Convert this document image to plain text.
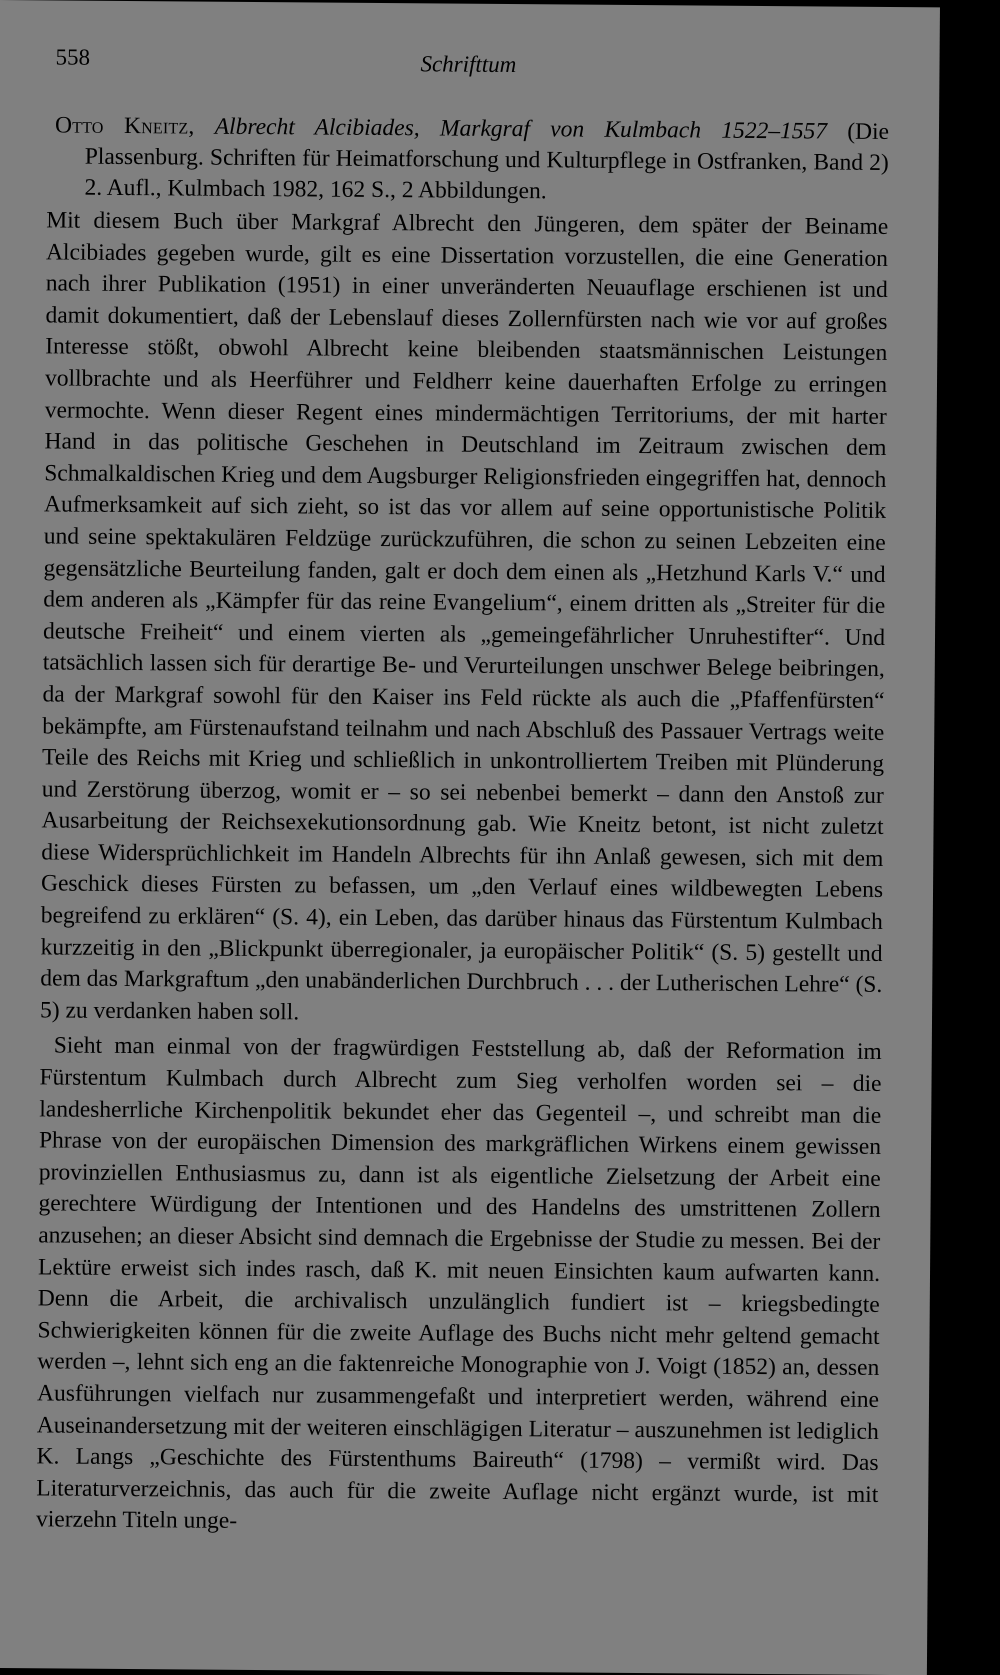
558	Schrifttum

Otto Kneitz, Albrecht Alcibiades, Markgraf von Kulmbach 1522–1557 (Die Plassenburg. Schriften für Heimatforschung und Kulturpflege in Ostfranken, Band 2) 2. Aufl., Kulmbach 1982, 162 S., 2 Abbildungen.

Mit diesem Buch über Markgraf Albrecht den Jüngeren, dem später der Beiname Alcibiades gegeben wurde, gilt es eine Dissertation vorzustellen, die eine Generation nach ihrer Publikation (1951) in einer unveränderten Neuauflage erschienen ist und damit dokumentiert, daß der Lebenslauf dieses Zollernfürsten nach wie vor auf großes Interesse stößt, obwohl Albrecht keine bleibenden staatsmännischen Leistungen vollbrachte und als Heerführer und Feldherr keine dauerhaften Erfolge zu erringen vermochte. Wenn dieser Regent eines mindermächtigen Territoriums, der mit harter Hand in das politische Geschehen in Deutschland im Zeitraum zwischen dem Schmalkaldischen Krieg und dem Augsburger Religionsfrieden eingegriffen hat, dennoch Aufmerksamkeit auf sich zieht, so ist das vor allem auf seine opportunistische Politik und seine spektakulären Feldzüge zurückzuführen, die schon zu seinen Lebzeiten eine gegensätzliche Beurteilung fanden, galt er doch dem einen als „Hetzhund Karls V.“ und dem anderen als „Kämpfer für das reine Evangelium“, einem dritten als „Streiter für die deutsche Freiheit“ und einem vierten als „gemeingefährlicher Unruhestifter“. Und tatsächlich lassen sich für derartige Be- und Verurteilungen unschwer Belege beibringen, da der Markgraf sowohl für den Kaiser ins Feld rückte als auch die „Pfaffenfürsten“ bekämpfte, am Fürstenaufstand teilnahm und nach Abschluß des Passauer Vertrags weite Teile des Reichs mit Krieg und schließlich in unkontrolliertem Treiben mit Plünderung und Zerstörung überzog, womit er – so sei nebenbei bemerkt – dann den Anstoß zur Ausarbeitung der Reichsexekutionsordnung gab. Wie Kneitz betont, ist nicht zuletzt diese Widersprüchlichkeit im Handeln Albrechts für ihn Anlaß gewesen, sich mit dem Geschick dieses Fürsten zu befassen, um „den Verlauf eines wildbewegten Lebens begreifend zu erklären“ (S. 4), ein Leben, das darüber hinaus das Fürstentum Kulmbach kurzzeitig in den „Blickpunkt überregionaler, ja europäischer Politik“ (S. 5) gestellt und dem das Markgraftum „den unabänderlichen Durchbruch . . . der Lutherischen Lehre“ (S. 5) zu verdanken haben soll.

Sieht man einmal von der fragwürdigen Feststellung ab, daß der Reformation im Fürstentum Kulmbach durch Albrecht zum Sieg verholfen worden sei – die landesherrliche Kirchenpolitik bekundet eher das Gegenteil –, und schreibt man die Phrase von der europäischen Dimension des markgräflichen Wirkens einem gewissen provinziellen Enthusiasmus zu, dann ist als eigentliche Zielsetzung der Arbeit eine gerechtere Würdigung der Intentionen und des Handelns des umstrittenen Zollern anzusehen; an dieser Absicht sind demnach die Ergebnisse der Studie zu messen. Bei der Lektüre erweist sich indes rasch, daß K. mit neuen Einsichten kaum aufwarten kann. Denn die Arbeit, die archivalisch unzulänglich fundiert ist – kriegsbedingte Schwierigkeiten können für die zweite Auflage des Buchs nicht mehr geltend gemacht werden –, lehnt sich eng an die faktenreiche Monographie von J. Voigt (1852) an, dessen Ausführungen vielfach nur zusammengefaßt und interpretiert werden, während eine Auseinandersetzung mit der weiteren einschlägigen Literatur – auszunehmen ist lediglich K. Langs „Geschichte des Fürstenthums Baireuth“ (1798) – vermißt wird. Das Literaturverzeichnis, das auch für die zweite Auflage nicht ergänzt wurde, ist mit vierzehn Titeln unge-
